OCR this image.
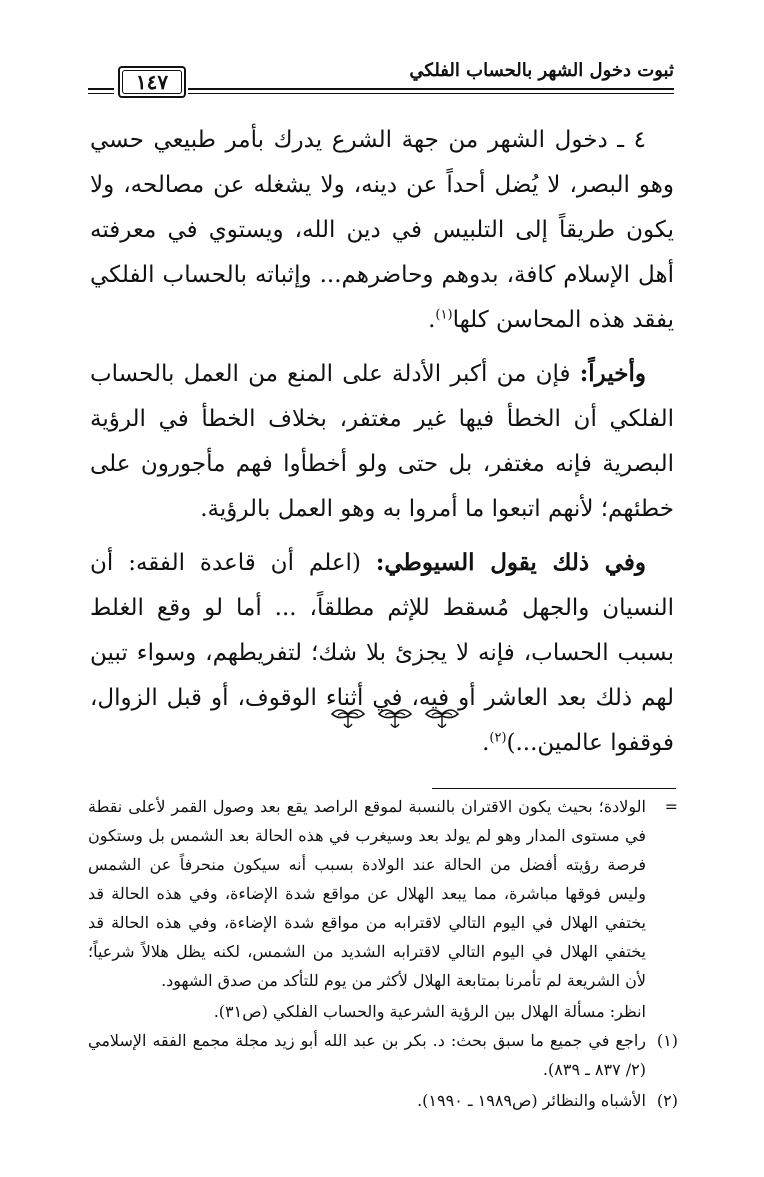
ثبوت دخول الشهر بالحساب الفلكي
١٤٧

٤ ـ دخول الشهر من جهة الشرع يدرك بأمر طبيعي حسي وهو البصر، لا يُضل أحداً عن دينه، ولا يشغله عن مصالحه، ولا يكون طريقاً إلى التلبيس في دين الله، ويستوي في معرفته أهل الإسلام كافة، بدوهم وحاضرهم... وإثباته بالحساب الفلكي يفقد هذه المحاسن كلها$^{(١)}$.

وأخيراً: فإن من أكبر الأدلة على المنع من العمل بالحساب الفلكي أن الخطأ فيها غير مغتفر، بخلاف الخطأ في الرؤية البصرية فإنه مغتفر، بل حتى ولو أخطأوا فهم مأجورون على خطئهم؛ لأنهم اتبعوا ما أمروا به وهو العمل بالرؤية.

وفي ذلك يقول السيوطي: (اعلم أن قاعدة الفقه: أن النسيان والجهل مُسقط للإثم مطلقاً، ... أما لو وقع الغلط بسبب الحساب، فإنه لا يجزئ بلا شك؛ لتفريطهم، وسواء تبين لهم ذلك بعد العاشر أو فيه، في أثناء الوقوف، أو قبل الزوال، فوقفوا عالمين...)$^{(٢)}$.

=
الولادة؛ بحيث يكون الاقتران بالنسبة لموقع الراصد يقع بعد وصول القمر لأعلى نقطة في مستوى المدار وهو لم يولد بعد وسيغرب في هذه الحالة بعد الشمس بل وستكون فرصة رؤيته أفضل من الحالة عند الولادة بسبب أنه سيكون منحرفاً عن الشمس وليس فوقها مباشرة، مما يبعد الهلال عن مواقع شدة الإضاءة، وفي هذه الحالة قد يختفي الهلال في اليوم التالي لاقترابه من مواقع شدة الإضاءة، وفي هذه الحالة قد يختفي الهلال في اليوم التالي لاقترابه الشديد من الشمس، لكنه يظل هلالاً شرعياً؛ لأن الشريعة لم تأمرنا بمتابعة الهلال لأكثر من يوم للتأكد من صدق الشهود.
انظر: مسألة الهلال بين الرؤية الشرعية والحساب الفلكي (ص٣١).
(١)
راجع في جميع ما سبق بحث: د. بكر بن عبد الله أبو زيد مجلة مجمع الفقه الإسلامي (٢/ ٨٣٧ ـ ٨٣٩).
(٢)
الأشباه والنظائر (ص١٩٨٩ ـ ١٩٩٠).
